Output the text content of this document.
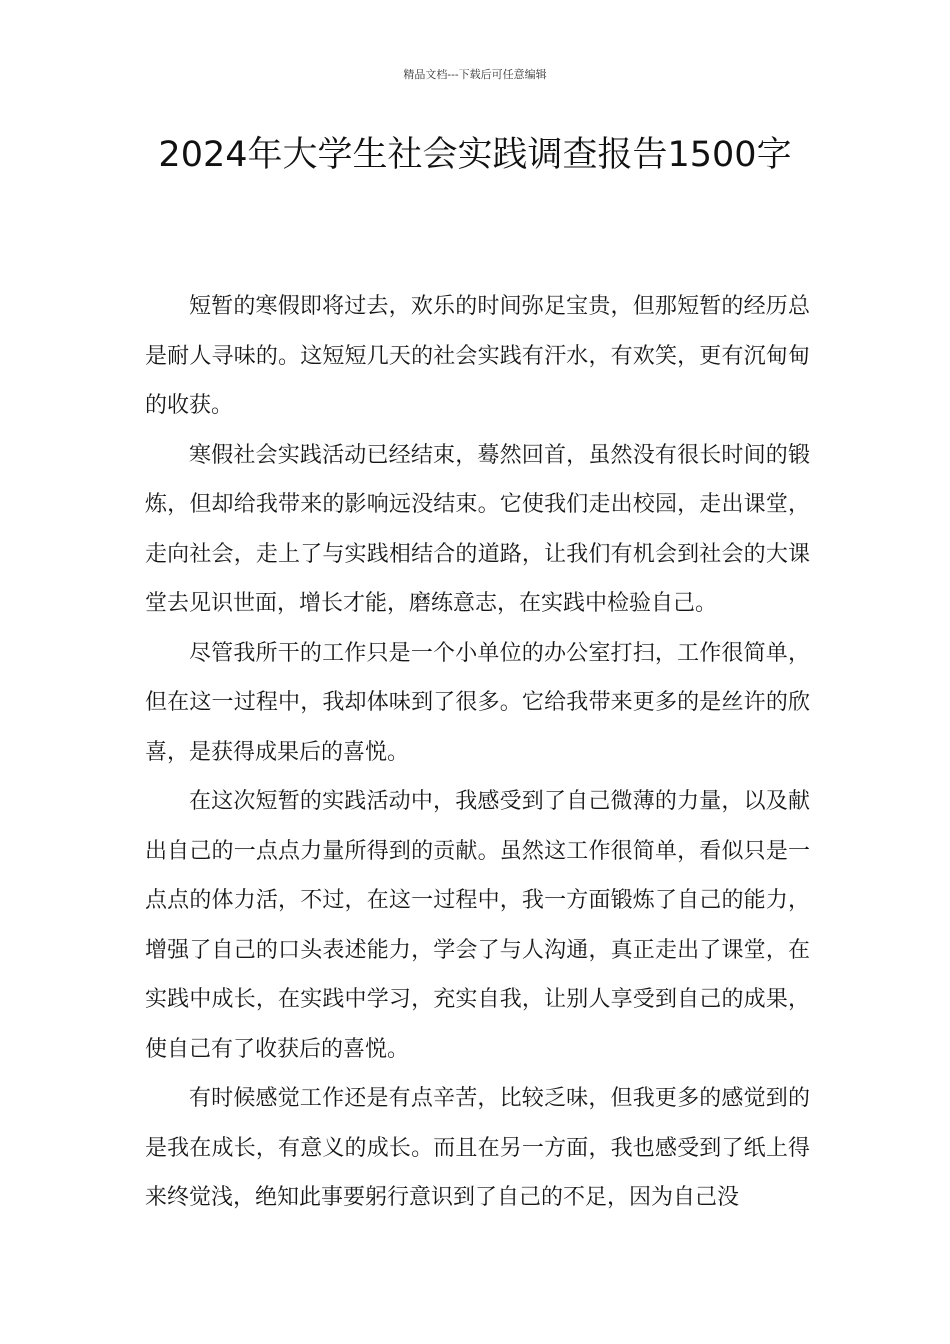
精品文档---下载后可任意编辑
2024年大学生社会实践调查报告1500字

短暂的寒假即将过去，欢乐的时间弥足宝贵，但那短暂的经历总是耐人寻味的。这短短几天的社会实践有汗水，有欢笑，更有沉甸甸的收获。

寒假社会实践活动已经结束，蓦然回首，虽然没有很长时间的锻炼，但却给我带来的影响远没结束。它使我们走出校园，走出课堂，走向社会，走上了与实践相结合的道路，让我们有机会到社会的大课堂去见识世面，增长才能，磨练意志，在实践中检验自己。

尽管我所干的工作只是一个小单位的办公室打扫，工作很简单，但在这一过程中，我却体味到了很多。它给我带来更多的是丝许的欣喜，是获得成果后的喜悦。

在这次短暂的实践活动中，我感受到了自己微薄的力量，以及献出自己的一点点力量所得到的贡献。虽然这工作很简单，看似只是一点点的体力活，不过，在这一过程中，我一方面锻炼了自己的能力，增强了自己的口头表述能力，学会了与人沟通，真正走出了课堂，在实践中成长，在实践中学习，充实自我，让别人享受到自己的成果，使自己有了收获后的喜悦。

有时候感觉工作还是有点辛苦，比较乏味，但我更多的感觉到的是我在成长，有意义的成长。而且在另一方面，我也感受到了纸上得来终觉浅，绝知此事要躬行意识到了自己的不足，因为自己没
